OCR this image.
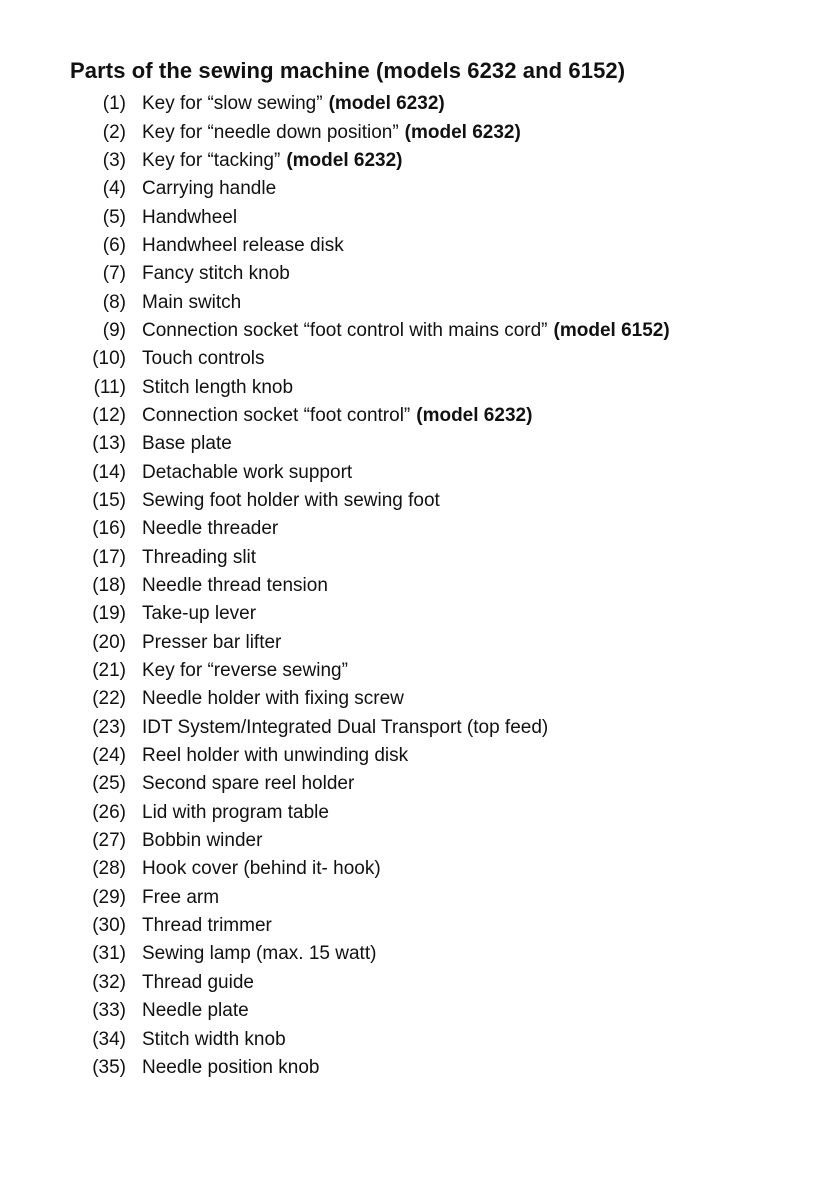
Parts of the sewing machine (models 6232 and 6152)
(1) Key for “slow sewing” (model 6232)
(2) Key for “needle down position” (model 6232)
(3) Key for “tacking” (model 6232)
(4) Carrying handle
(5) Handwheel
(6) Handwheel release disk
(7) Fancy stitch knob
(8) Main switch
(9) Connection socket “foot control with mains cord” (model 6152)
(10) Touch controls
(11) Stitch length knob
(12) Connection socket “foot control” (model 6232)
(13) Base plate
(14) Detachable work support
(15) Sewing foot holder with sewing foot
(16) Needle threader
(17) Threading slit
(18) Needle thread tension
(19) Take-up lever
(20) Presser bar lifter
(21) Key for “reverse sewing”
(22) Needle holder with fixing screw
(23) IDT System/Integrated Dual Transport (top feed)
(24) Reel holder with unwinding disk
(25) Second spare reel holder
(26) Lid with program table
(27) Bobbin winder
(28) Hook cover (behind it- hook)
(29) Free arm
(30) Thread trimmer
(31) Sewing lamp (max. 15 watt)
(32) Thread guide
(33) Needle plate
(34) Stitch width knob
(35) Needle position knob
